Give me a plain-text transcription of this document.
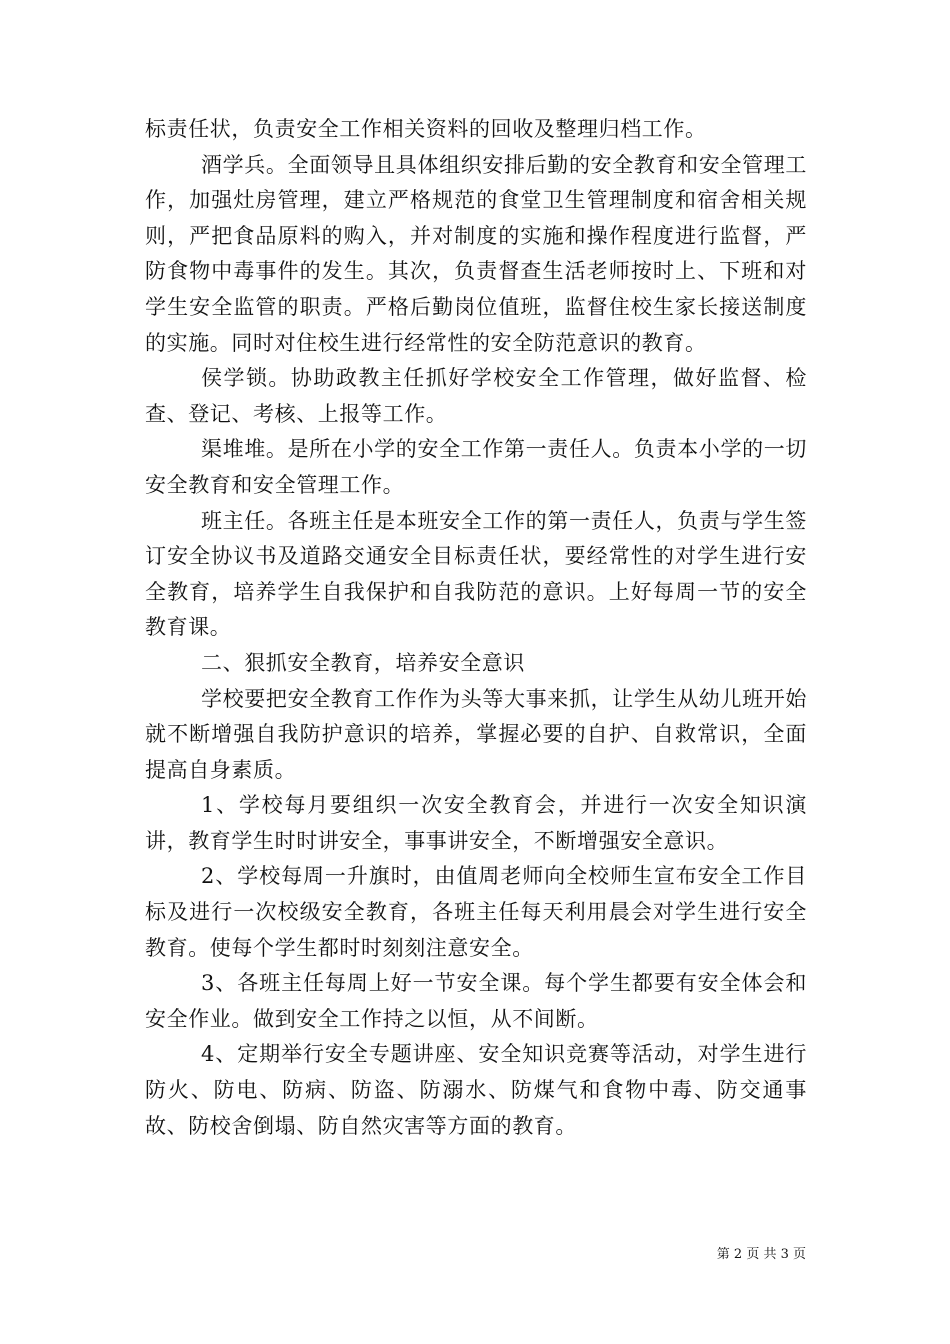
标责任状，负责安全工作相关资料的回收及整理归档工作。

酒学兵。全面领导且具体组织安排后勤的安全教育和安全管理工作，加强灶房管理，建立严格规范的食堂卫生管理制度和宿舍相关规则，严把食品原料的购入，并对制度的实施和操作程度进行监督，严防食物中毒事件的发生。其次，负责督查生活老师按时上、下班和对学生安全监管的职责。严格后勤岗位值班，监督住校生家长接送制度的实施。同时对住校生进行经常性的安全防范意识的教育。

侯学锁。协助政教主任抓好学校安全工作管理，做好监督、检查、登记、考核、上报等工作。

渠堆堆。是所在小学的安全工作第一责任人。负责本小学的一切安全教育和安全管理工作。

班主任。各班主任是本班安全工作的第一责任人，负责与学生签订安全协议书及道路交通安全目标责任状，要经常性的对学生进行安全教育，培养学生自我保护和自我防范的意识。上好每周一节的安全教育课。

二、狠抓安全教育，培养安全意识

学校要把安全教育工作作为头等大事来抓，让学生从幼儿班开始就不断增强自我防护意识的培养，掌握必要的自护、自救常识，全面提高自身素质。

1、学校每月要组织一次安全教育会，并进行一次安全知识演讲，教育学生时时讲安全，事事讲安全，不断增强安全意识。

2、学校每周一升旗时，由值周老师向全校师生宣布安全工作目标及进行一次校级安全教育，各班主任每天利用晨会对学生进行安全教育。使每个学生都时时刻刻注意安全。

3、各班主任每周上好一节安全课。每个学生都要有安全体会和安全作业。做到安全工作持之以恒，从不间断。

4、定期举行安全专题讲座、安全知识竞赛等活动，对学生进行防火、防电、防病、防盗、防溺水、防煤气和食物中毒、防交通事故、防校舍倒塌、防自然灾害等方面的教育。

第 2 页 共 3 页
